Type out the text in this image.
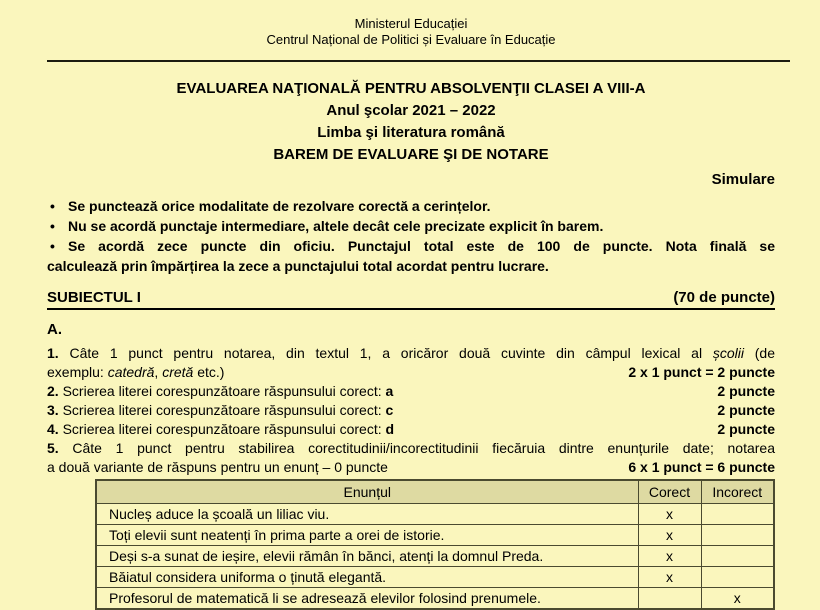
Ministerul Educației
Centrul Național de Politici și Evaluare în Educație
EVALUAREA NAŢIONALĂ PENTRU ABSOLVENŢII CLASEI A VIII-A
Anul şcolar 2021 – 2022
Limba şi literatura română
BAREM DE EVALUARE ŞI DE NOTARE
Simulare
• Se punctează orice modalitate de rezolvare corectă a cerințelor.
• Nu se acordă punctaje intermediare, altele decât cele precizate explicit în barem.
• Se acordă zece puncte din oficiu. Punctajul total este de 100 de puncte. Nota finală se
calculează prin împărțirea la zece a punctajului total acordat pentru lucrare.
SUBIECTUL I	(70 de puncte)
A.
1. Câte 1 punct pentru notarea, din textul 1, a oricăror două cuvinte din câmpul lexical al școlii (de
exemplu: catedră, cretă etc.)	2 x 1 punct = 2 puncte
2. Scrierea literei corespunzătoare răspunsului corect: a	2 puncte
3. Scrierea literei corespunzătoare răspunsului corect: c	2 puncte
4. Scrierea literei corespunzătoare răspunsului corect: d	2 puncte
5. Câte 1 punct pentru stabilirea corectitudinii/incorectitudinii fiecăruia dintre enunțurile date; notarea
a două variante de răspuns pentru un enunț – 0 puncte	6 x 1 punct = 6 puncte
Enunțul	Corect	Incorect
Nucleș aduce la școală un liliac viu.	x	
Toți elevii sunt neatenți în prima parte a orei de istorie.	x	
Deși s-a sunat de ieșire, elevii rămân în bănci, atenți la domnul Preda.	x	
Băiatul considera uniforma o ținută elegantă.	x	
Profesorul de matematică li se adresează elevilor folosind prenumele.		x
